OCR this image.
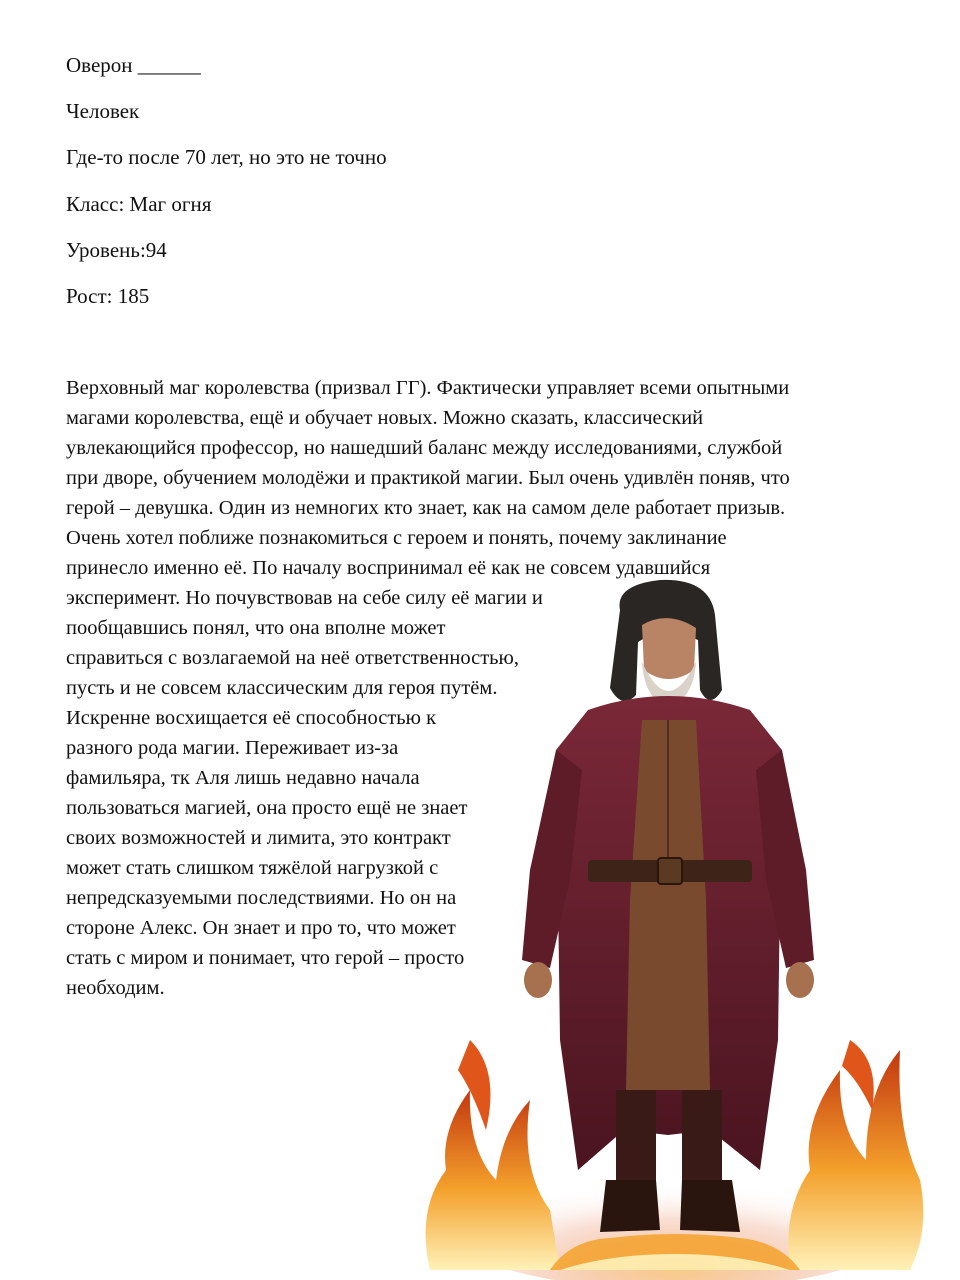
Оверон ______
Человек
Где-то после 70 лет, но это не точно
Класс: Маг огня
Уровень:94
Рост: 185
Верховный маг королевства (призвал ГГ). Фактически управляет всеми опытными
магами королевства, ещё и обучает новых. Можно сказать, классический
увлекающийся профессор, но нашедший баланс между исследованиями, службой
при дворе, обучением молодёжи и практикой магии. Был очень удивлён поняв, что
герой – девушка. Один из немногих кто знает, как на самом деле работает призыв.
Очень хотел поближе познакомиться с героем и понять, почему заклинание
принесло именно её. По началу воспринимал её как не совсем удавшийся
эксперимент. Но почувствовав на себе силу её магии и
пообщавшись понял, что она вполне может
справиться с возлагаемой на неё ответственностью,
пусть и не совсем классическим для героя путём.
Искренне восхищается её способностью к
разного рода магии. Переживает из-за
фамильяра, тк Аля лишь недавно начала
пользоваться магией, она просто ещё не знает
своих возможностей и лимита, это контракт
может стать слишком тяжёлой нагрузкой с
непредсказуемыми последствиями. Но он на
стороне Алекс. Он знает и про то, что может
стать с миром и понимает, что герой – просто
необходим.
